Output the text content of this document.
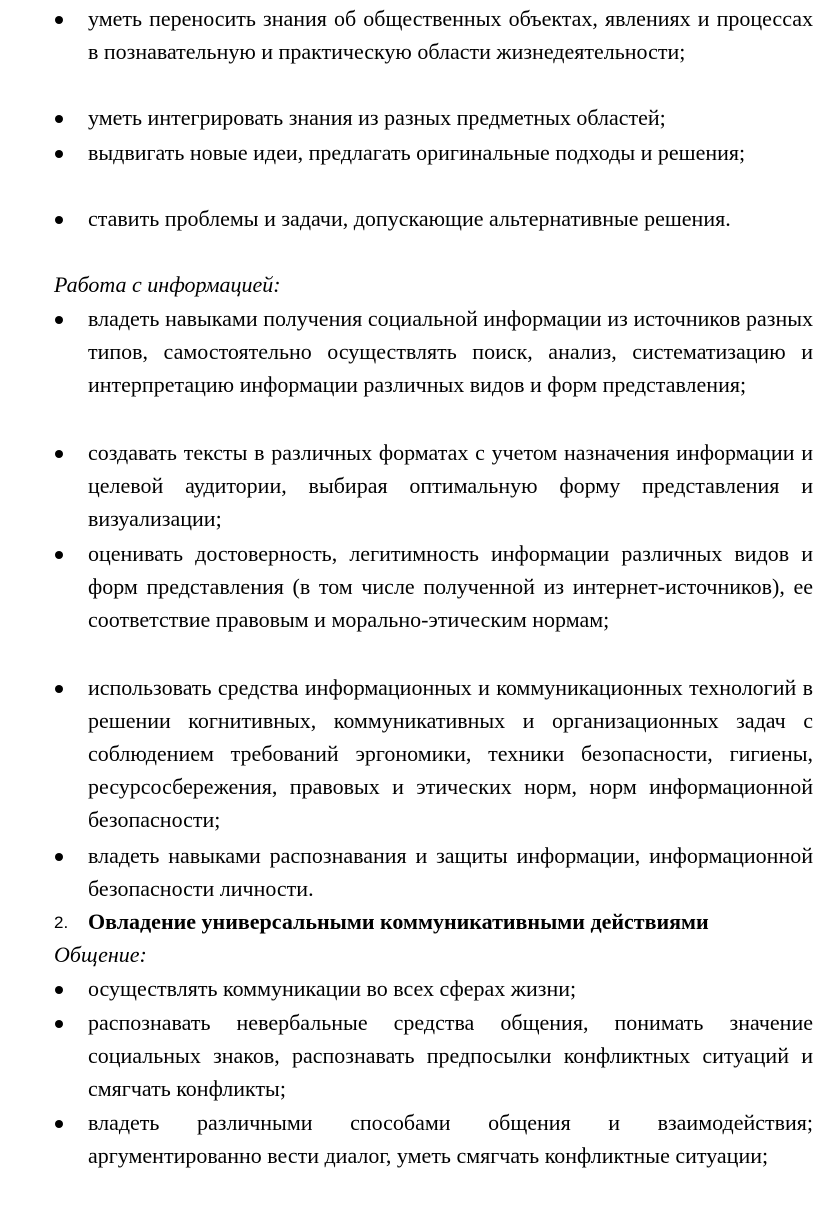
уметь переносить знания об общественных объектах, явлениях и процессах в познавательную и практическую области жизнедеятельности;
уметь интегрировать знания из разных предметных областей;
выдвигать новые идеи, предлагать оригинальные подходы и решения;
ставить проблемы и задачи, допускающие альтернативные решения.
Работа с информацией:
владеть навыками получения социальной информации из источников разных типов, самостоятельно осуществлять поиск, анализ, систематизацию и интерпретацию информации различных видов и форм представления;
создавать тексты в различных форматах с учетом назначения информации и целевой аудитории, выбирая оптимальную форму представления и визуализации;
оценивать достоверность, легитимность информации различных видов и форм представления (в том числе полученной из интернет-источников), ее соответствие правовым и морально-этическим нормам;
использовать средства информационных и коммуникационных технологий в решении когнитивных, коммуникативных и организационных задач с соблюдением требований эргономики, техники безопасности, гигиены, ресурсосбережения, правовых и этических норм, норм информационной безопасности;
владеть навыками распознавания и защиты информации, информационной безопасности личности.
2. Овладение универсальными коммуникативными действиями
Общение:
осуществлять коммуникации во всех сферах жизни;
распознавать невербальные средства общения, понимать значение социальных знаков, распознавать предпосылки конфликтных ситуаций и смягчать конфликты;
владеть различными способами общения и взаимодействия; аргументированно вести диалог, уметь смягчать конфликтные ситуации;
